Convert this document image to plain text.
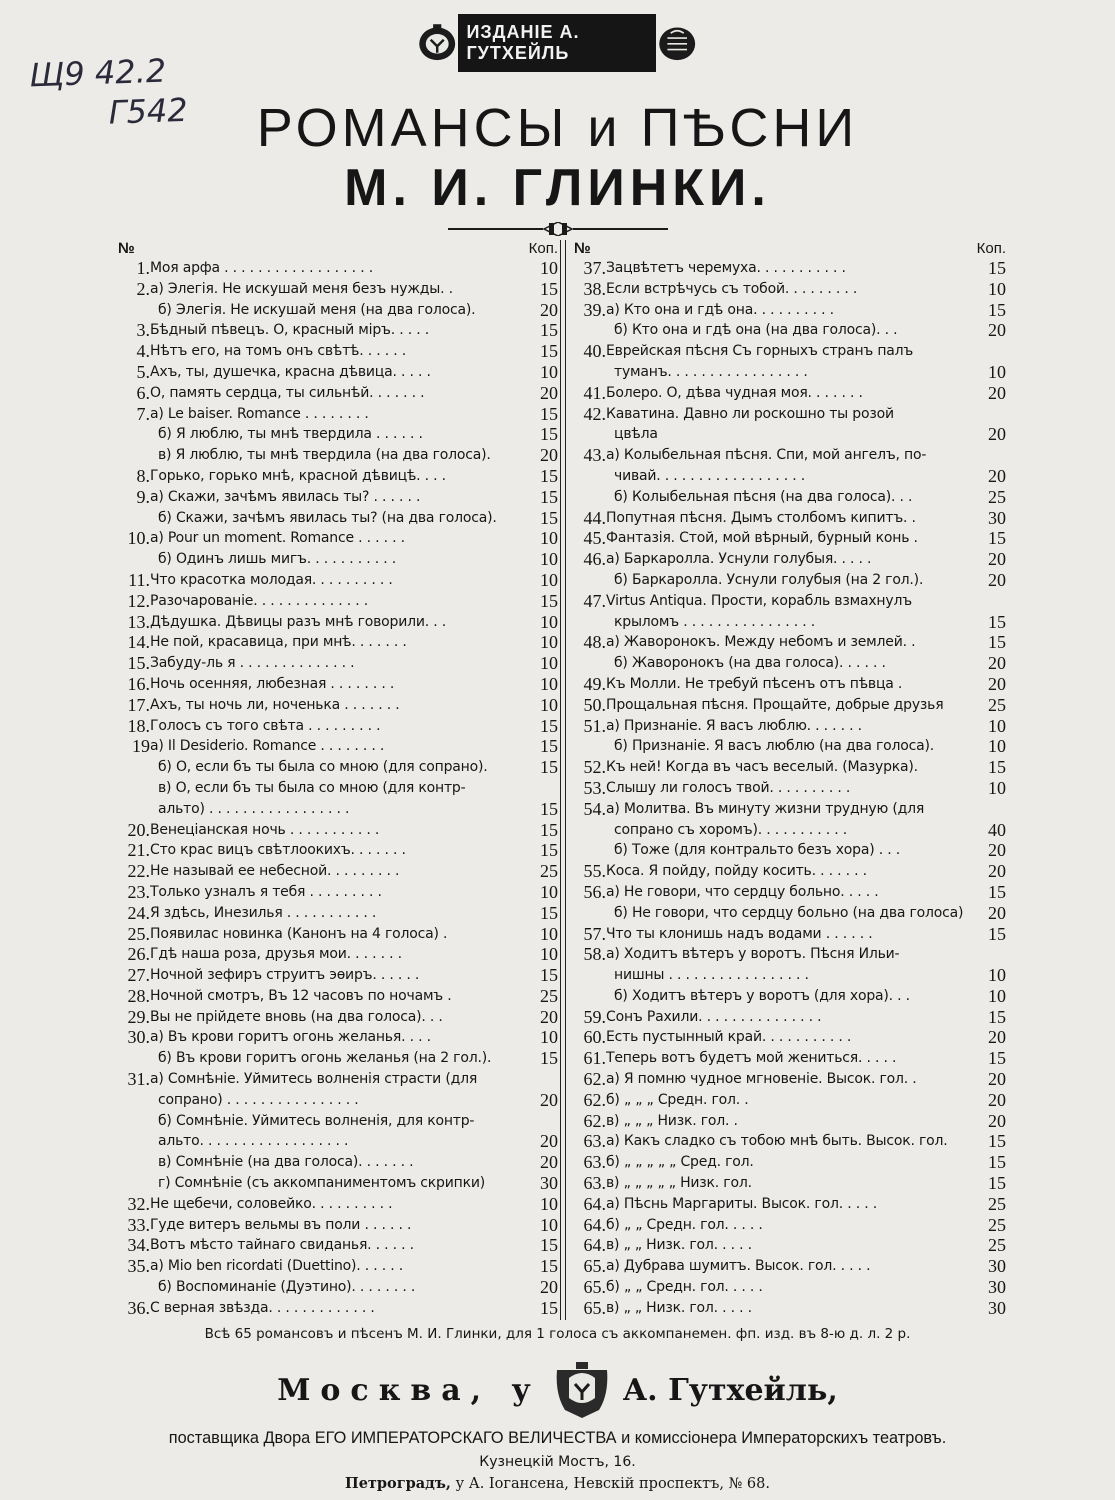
Щ9 42.2
Г542
ИЗДАНІЕ А. ГУТХЕЙЛЬ
РОМАНСЫ и ПѢСНИ
М. И. ГЛИНКИ.
№	Коп.
1. Моя арфа . . . . . . . . . . . . . . . . . .	10
2. а) Элегія. Не искушай меня безъ нужды. .	15
б) Элегія. Не искушай меня (на два голоса).	20
3. Бѣдный пѣвецъ. О, красный міръ. . . . .	15
4. Нѣтъ его, на томъ онъ свѣтѣ. . . . . .	15
5. Ахъ, ты, душечка, красна дѣвица. . . . .	10
6. О, память сердца, ты сильнѣй. . . . . . .	20
7. а) Le baiser. Romance . . . . . . . .	15
б) Я люблю, ты мнѣ твердила . . . . . .	15
в) Я люблю, ты мнѣ твердила (на два голоса).	20
8. Горько, горько мнѣ, красной дѣвицѣ. . . .	15
9. а) Скажи, зачѣмъ явилась ты? . . . . . .	15
б) Скажи, зачѣмъ явилась ты? (на два голоса).	15
10. а) Pour un moment. Romance . . . . . .	10
б) Одинъ лишь мигъ. . . . . . . . . . .	10
11. Что красотка молодая. . . . . . . . . .	10
12. Разочарованіе. . . . . . . . . . . . . .	15
13. Дѣдушка. Дѣвицы разъ мнѣ говорили. . .	10
14. Не пой, красавица, при мнѣ. . . . . . .	10
15. Забуду-ль я . . . . . . . . . . . . . .	10
16. Ночь осенняя, любезная . . . . . . . .	10
17. Ахъ, ты ночь ли, ноченька . . . . . . .	10
18. Голосъ съ того свѣта . . . . . . . . .	15
19 а) Il Desiderio. Romance . . . . . . . .	15
б) О, если бъ ты была со мною (для сопрано).	15
в) О, если бъ ты была со мною (для контр-
альто) . . . . . . . . . . . . . . . . .	15
20. Венеціанская ночь . . . . . . . . . . .	15
21. Сто крас вицъ свѣтлоокихъ. . . . . . .	15
22. Не называй ее небесной. . . . . . . . .	25
23. Только узналъ я тебя . . . . . . . . .	10
24. Я здѣсь, Инезилья . . . . . . . . . . .	15
25. Появилас новинка (Канонъ на 4 голоса) .	10
26. Гдѣ наша роза, друзья мои. . . . . . .	10
27. Ночной зефиръ струитъ эѳиръ. . . . . .	15
28. Ночной смотръ, Въ 12 часовъ по ночамъ .	25
29. Вы не прійдете вновь (на два голоса). . .	20
30. а) Въ крови горитъ огонь желанья. . . .	10
б) Въ крови горитъ огонь желанья (на 2 гол.).	15
31. а) Сомнѣніе. Уймитесь волненія страсти (для
сопрано) . . . . . . . . . . . . . . . .	20
б) Сомнѣніе. Уймитесь волненія, для контр-
альто. . . . . . . . . . . . . . . . . .	20
в) Сомнѣніе (на два голоса). . . . . . .	20
г) Сомнѣніе (съ аккомпаниментомъ скрипки)	30
32. Не щебечи, соловейко. . . . . . . . . .	10
33. Гуде витеръ вельмы въ поли . . . . . .	10
34. Вотъ мѣсто тайнаго свиданья. . . . . .	15
35. а) Mio ben ricordati (Duettino). . . . . .	15
б) Воспоминаніе (Дуэтино). . . . . . . .	20
36. С верная звѣзда. . . . . . . . . . . . .	15
№	Коп.
37. Зацвѣтетъ черемуха. . . . . . . . . . .	15
38. Если встрѣчусь съ тобой. . . . . . . . .	10
39. а) Кто она и гдѣ она. . . . . . . . . .	15
б) Кто она и гдѣ она (на два голоса). . .	20
40. Еврейская пѣсня Съ горныхъ странъ палъ
туманъ. . . . . . . . . . . . . . . . .	10
41. Болеро. О, дѣва чудная моя. . . . . . .	20
42. Каватина. Давно ли роскошно ты розой
цвѣла	20
43. а) Колыбельная пѣсня. Спи, мой ангелъ, по-
чивай. . . . . . . . . . . . . . . . . .	20
б) Колыбельная пѣсня (на два голоса). . .	25
44. Попутная пѣсня. Дымъ столбомъ кипитъ. .	30
45. Фантазія. Стой, мой вѣрный, бурный конь .	15
46. а) Баркаролла. Уснули голубыя. . . . .	20
б) Баркаролла. Уснули голубыя (на 2 гол.).	20
47. Virtus Antiqua. Прости, корабль взмахнулъ
крыломъ . . . . . . . . . . . . . . . .	15
48. а) Жаворонокъ. Между небомъ и землей. .	15
б) Жаворонокъ (на два голоса). . . . . .	20
49. Къ Молли. Не требуй пѣсенъ отъ пѣвца .	20
50. Прощальная пѣсня. Прощайте, добрые друзья	25
51. а) Признаніе. Я васъ люблю. . . . . . .	10
б) Признаніе. Я васъ люблю (на два голоса).	10
52. Къ ней! Когда въ часъ веселый. (Мазурка).	15
53. Слышу ли голосъ твой. . . . . . . . . .	10
54. а) Молитва. Въ минуту жизни трудную (для
сопрано съ хоромъ). . . . . . . . . . .	40
б) Тоже (для контральто безъ хора) . . .	20
55. Коса. Я пойду, пойду косить. . . . . . .	20
56. а) Не говори, что сердцу больно. . . . .	15
б) Не говори, что сердцу больно (на два голоса)	20
57. Что ты клонишь надъ водами . . . . . .	15
58. а) Ходитъ вѣтеръ у воротъ. Пѣсня Ильи-
нишны . . . . . . . . . . . . . . . . .	10
б) Ходитъ вѣтеръ у воротъ (для хора). . .	10
59. Сонъ Рахили. . . . . . . . . . . . . . .	15
60. Есть пустынный край. . . . . . . . . . .	20
61. Теперь вотъ будетъ мой жениться. . . . .	15
62. а) Я помню чудное мгновеніе. Высок. гол. .	20
62. б) „ „ „ Средн. гол. .	20
62. в) „ „ „ Низк. гол. .	20
63. а) Какъ сладко съ тобою мнѣ быть. Высок. гол.	15
63. б) „ „ „ „ „ Сред. гол.	15
63. в) „ „ „ „ „ Низк. гол.	15
64. а) Пѣснь Маргариты. Высок. гол. . . . .	25
64. б) „ „ Средн. гол. . . . .	25
64. в) „ „ Низк. гол. . . . .	25
65. а) Дубрава шумитъ. Высок. гол. . . . .	30
65. б) „ „ Средн. гол. . . . .	30
65. в) „ „ Низк. гол. . . . .	30
Всѣ 65 романсовъ и пѣсенъ М. И. Глинки, для 1 голоса съ аккомпанемен. фп. изд. въ 8-ю д. л. 2 р.
Москва, у	А. Гутхейль,
поставщика Двора ЕГО ИМПЕРАТОРСКАГО ВЕЛИЧЕСТВА и комиссіонера Императорскихъ театровъ.
Кузнецкій Мостъ, 16.
Петроградъ, у А. Іогансена, Невскій проспектъ, № 68.
